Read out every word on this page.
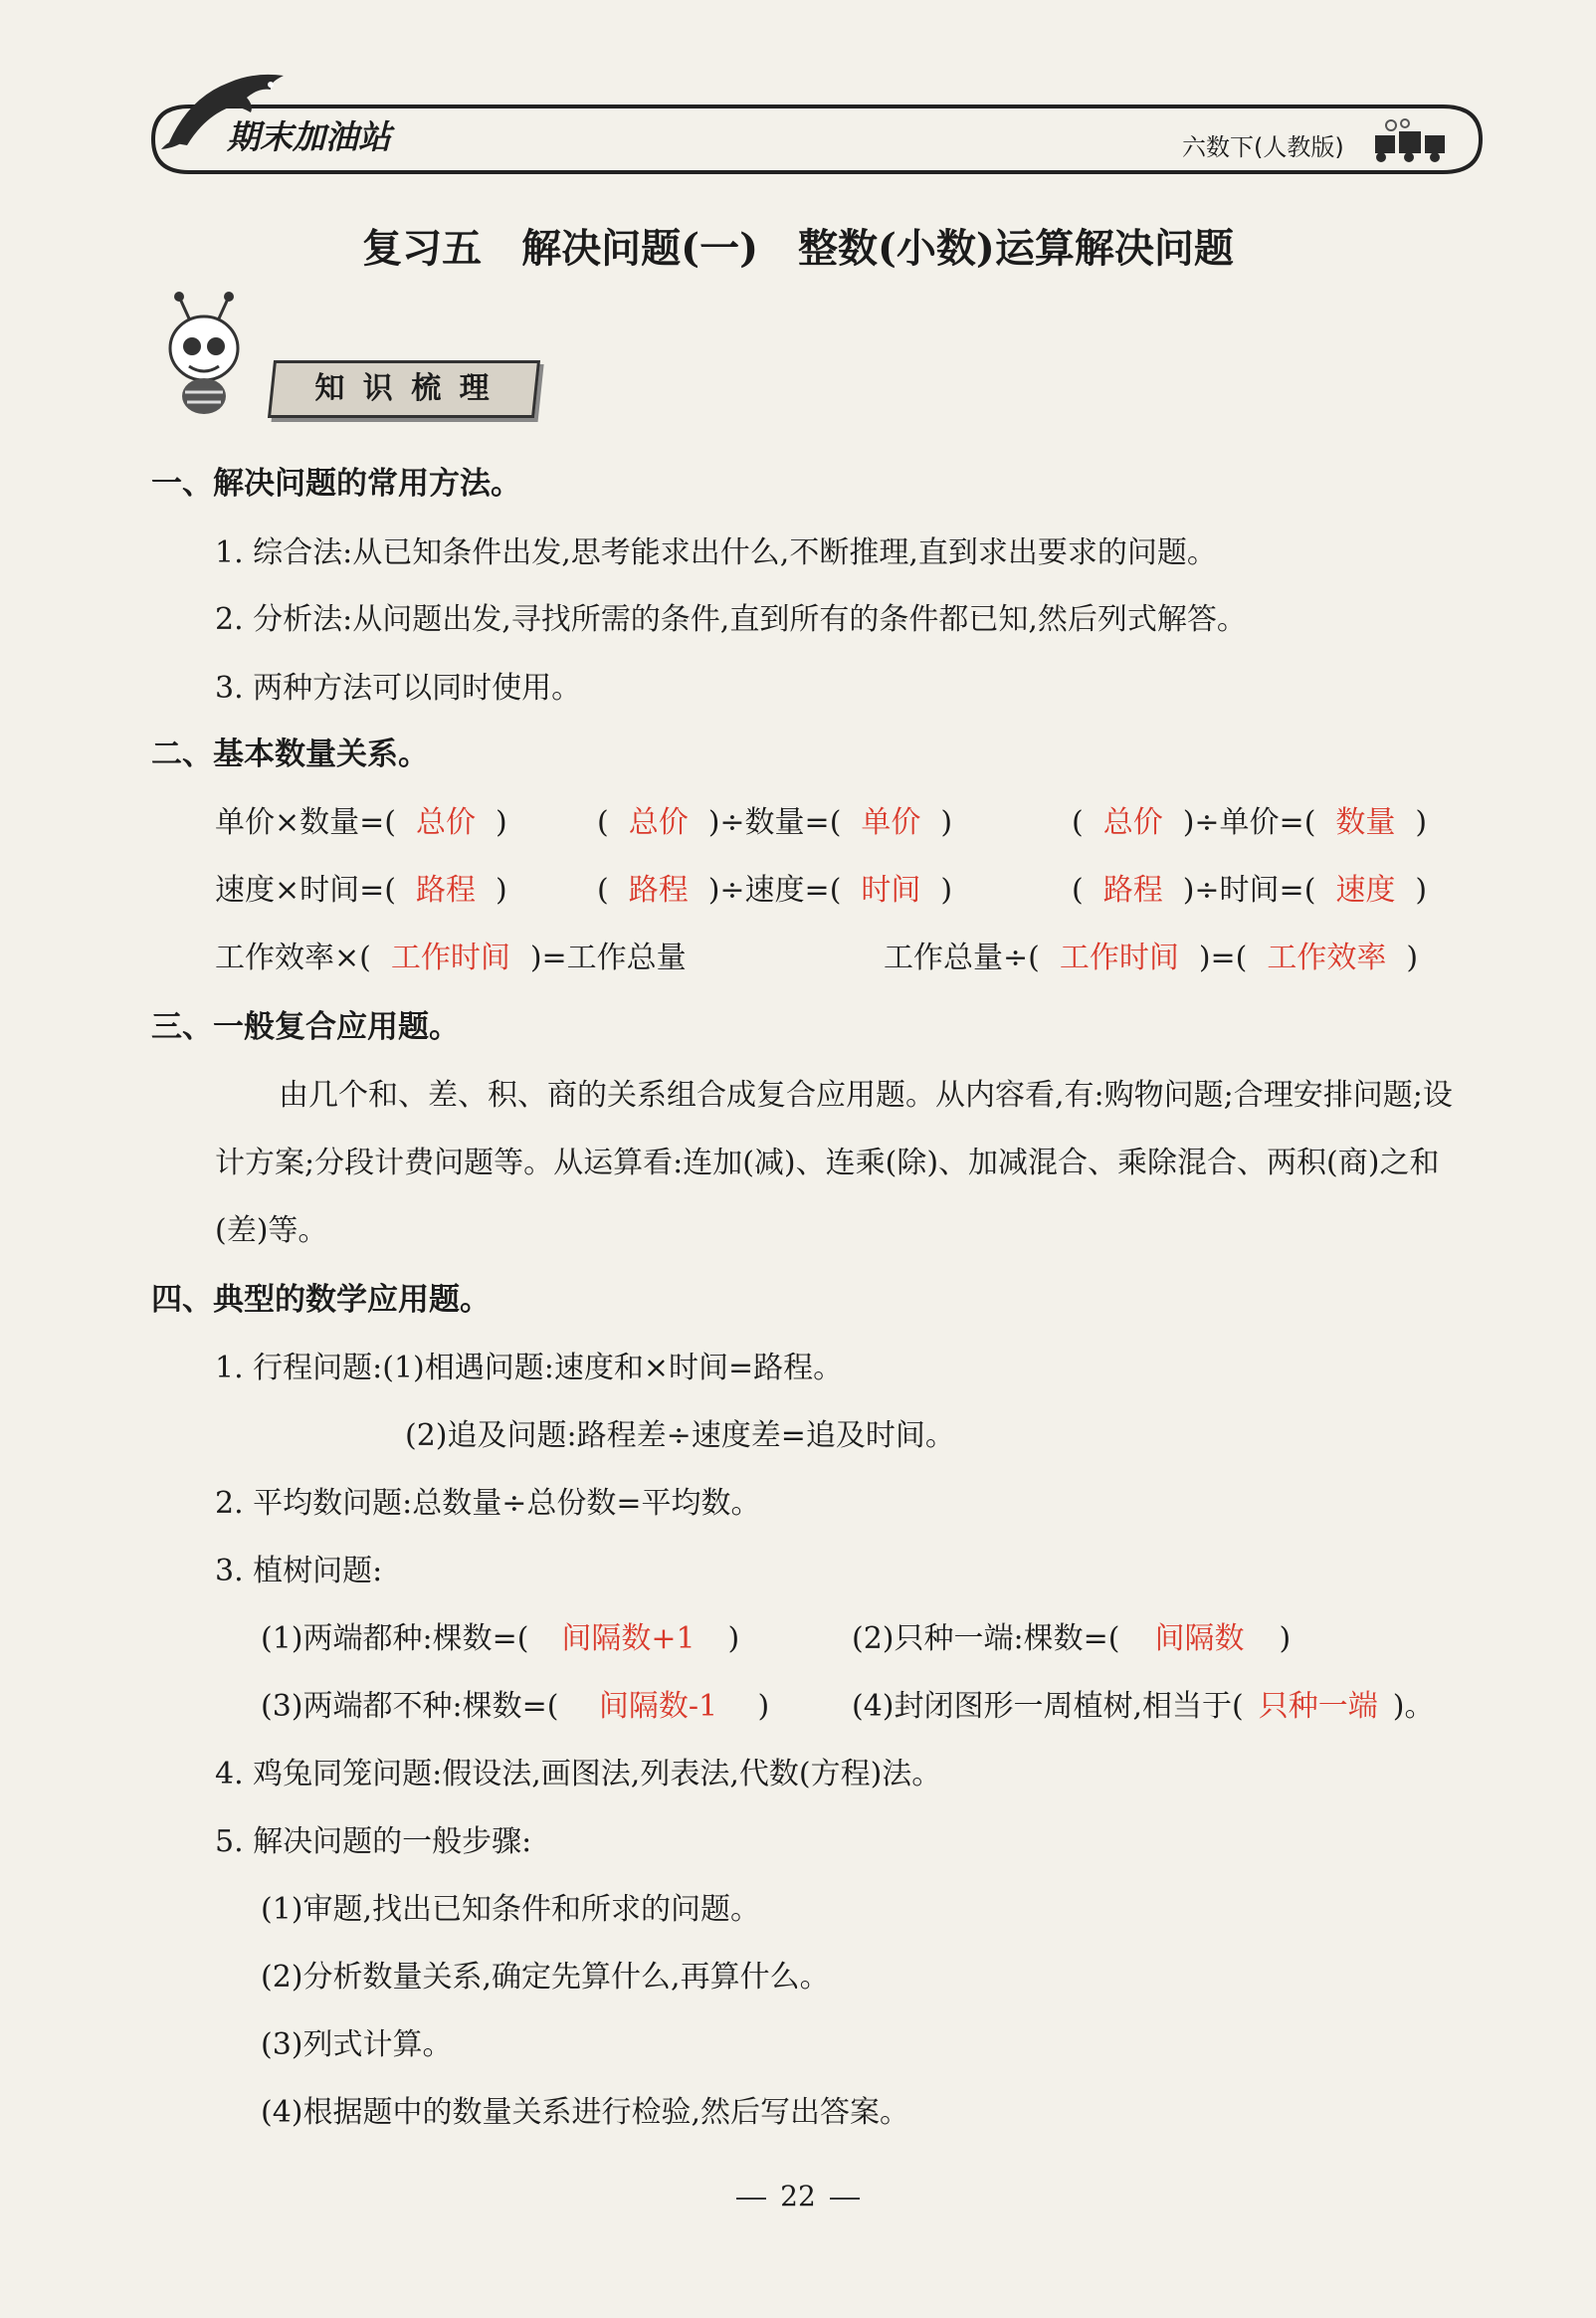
期末加油站	六数下(人教版)
复习五　解决问题(一)　整数(小数)运算解决问题
知 识 梳 理
一、解决问题的常用方法。
1. 综合法:从已知条件出发,思考能求出什么,不断推理,直到求出要求的问题。
2. 分析法:从问题出发,寻找所需的条件,直到所有的条件都已知,然后列式解答。
3. 两种方法可以同时使用。
二、基本数量关系。
单价×数量=( 总价 )	( 总价 )÷数量=( 单价 )	( 总价 )÷单价=( 数量 )
速度×时间=( 路程 )	( 路程 )÷速度=( 时间 )	( 路程 )÷时间=( 速度 )
工作效率×( 工作时间 )=工作总量	工作总量÷( 工作时间 )=( 工作效率 )
三、一般复合应用题。
由几个和、差、积、商的关系组合成复合应用题。从内容看,有:购物问题;合理安排问题;设
计方案;分段计费问题等。从运算看:连加(减)、连乘(除)、加减混合、乘除混合、两积(商)之和
(差)等。
四、典型的数学应用题。
1. 行程问题:(1)相遇问题:速度和×时间=路程。
(2)追及问题:路程差÷速度差=追及时间。
2. 平均数问题:总数量÷总份数=平均数。
3. 植树问题:
(1)两端都种:棵数=( 间隔数+1 )	(2)只种一端:棵数=( 间隔数 )
(3)两端都不种:棵数=( 间隔数-1 )	(4)封闭图形一周植树,相当于( 只种一端 )。
4. 鸡兔同笼问题:假设法,画图法,列表法,代数(方程)法。
5. 解决问题的一般步骤:
(1)审题,找出已知条件和所求的问题。
(2)分析数量关系,确定先算什么,再算什么。
(3)列式计算。
(4)根据题中的数量关系进行检验,然后写出答案。
22
